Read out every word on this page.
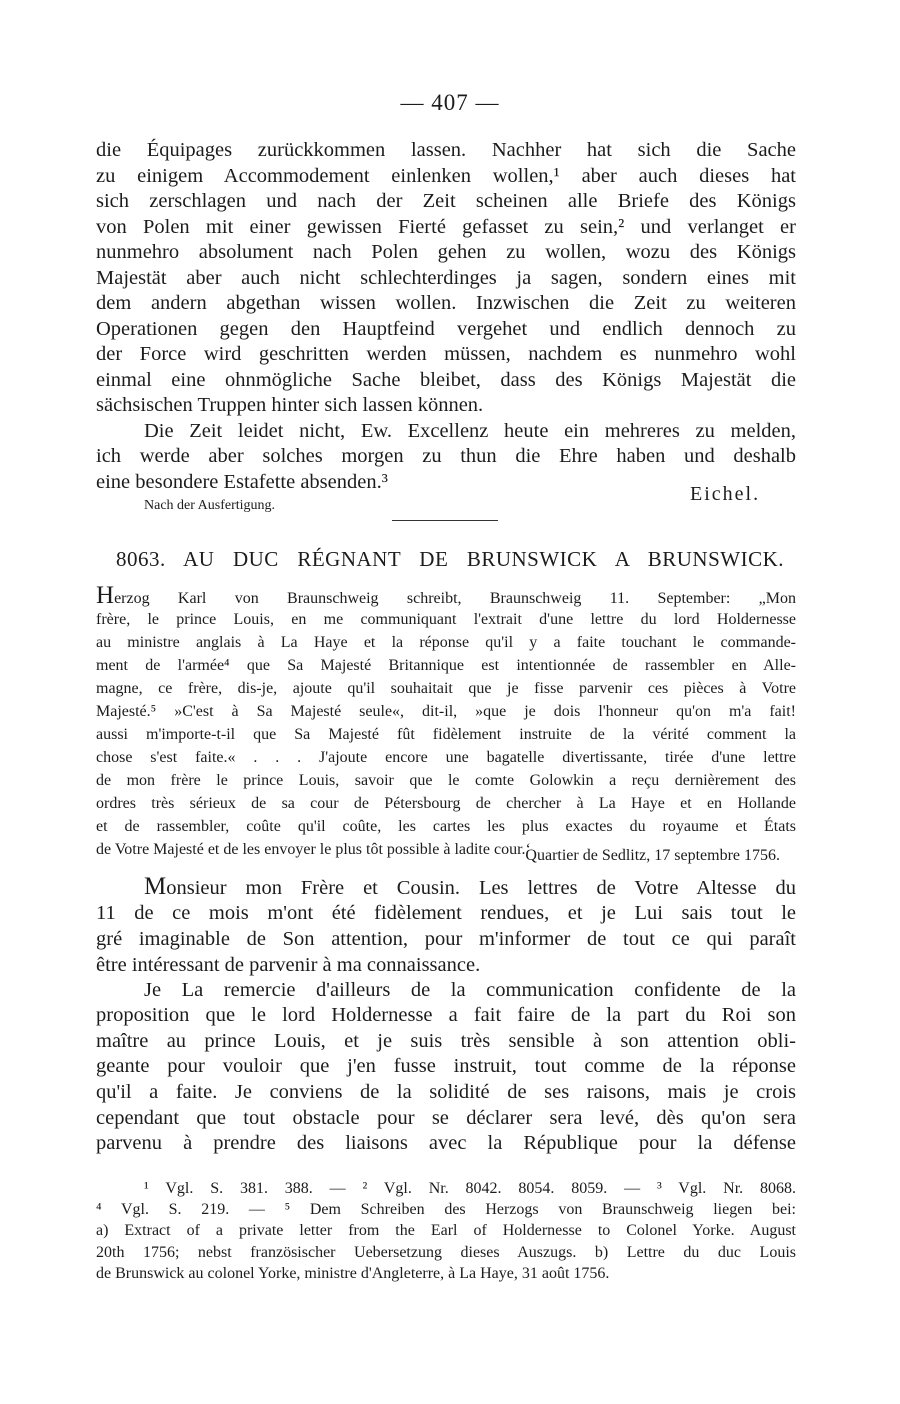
— 407 —
die Équipages zurückkommen lassen. Nachher hat sich die Sache
zu einigem Accommodement einlenken wollen,¹ aber auch dieses hat
sich zerschlagen und nach der Zeit scheinen alle Briefe des Königs
von Polen mit einer gewissen Fierté gefasset zu sein,² und verlanget er
nunmehro absolument nach Polen gehen zu wollen, wozu des Königs
Majestät aber auch nicht schlechterdinges ja sagen, sondern eines mit
dem andern abgethan wissen wollen. Inzwischen die Zeit zu weiteren
Operationen gegen den Hauptfeind vergehet und endlich dennoch zu
der Force wird geschritten werden müssen, nachdem es nunmehro wohl
einmal eine ohnmögliche Sache bleibet, dass des Königs Majestät die
sächsischen Truppen hinter sich lassen können.
Die Zeit leidet nicht, Ew. Excellenz heute ein mehreres zu melden,
ich werde aber solches morgen zu thun die Ehre haben und deshalb
eine besondere Estafette absenden.³
Eichel.
Nach der Ausfertigung.
8063. AU DUC RÉGNANT DE BRUNSWICK A BRUNSWICK.
Herzog Karl von Braunschweig schreibt, Braunschweig 11. September: „Mon
frère, le prince Louis, en me communiquant l'extrait d'une lettre du lord Holdernesse
au ministre anglais à La Haye et la réponse qu'il y a faite touchant le commande-
ment de l'armée⁴ que Sa Majesté Britannique est intentionnée de rassembler en Alle-
magne, ce frère, dis-je, ajoute qu'il souhaitait que je fisse parvenir ces pièces à Votre
Majesté.⁵ »C'est à Sa Majesté seule«, dit-il, »que je dois l'honneur qu'on m'a fait!
aussi m'importe-t-il que Sa Majesté fût fidèlement instruite de la vérité comment la
chose s'est faite.« . . . J'ajoute encore une bagatelle divertissante, tirée d'une lettre
de mon frère le prince Louis, savoir que le comte Golowkin a reçu dernièrement des
ordres très sérieux de sa cour de Pétersbourg de chercher à La Haye et en Hollande
et de rassembler, coûte qu'il coûte, les cartes les plus exactes du royaume et États
de Votre Majesté et de les envoyer le plus tôt possible à ladite cour.‘
Quartier de Sedlitz, 17 septembre 1756.
Monsieur mon Frère et Cousin. Les lettres de Votre Altesse du
11 de ce mois m'ont été fidèlement rendues, et je Lui sais tout le
gré imaginable de Son attention, pour m'informer de tout ce qui paraît
être intéressant de parvenir à ma connaissance.
Je La remercie d'ailleurs de la communication confidente de la
proposition que le lord Holdernesse a fait faire de la part du Roi son
maître au prince Louis, et je suis très sensible à son attention obli-
geante pour vouloir que j'en fusse instruit, tout comme de la réponse
qu'il a faite. Je conviens de la solidité de ses raisons, mais je crois
cependant que tout obstacle pour se déclarer sera levé, dès qu'on sera
parvenu à prendre des liaisons avec la République pour la défense
¹ Vgl. S. 381. 388. — ² Vgl. Nr. 8042. 8054. 8059. — ³ Vgl. Nr. 8068.
⁴ Vgl. S. 219. — ⁵ Dem Schreiben des Herzogs von Braunschweig liegen bei:
a) Extract of a private letter from the Earl of Holdernesse to Colonel Yorke. August
20th 1756; nebst französischer Uebersetzung dieses Auszugs. b) Lettre du duc Louis
de Brunswick au colonel Yorke, ministre d'Angleterre, à La Haye, 31 août 1756.
